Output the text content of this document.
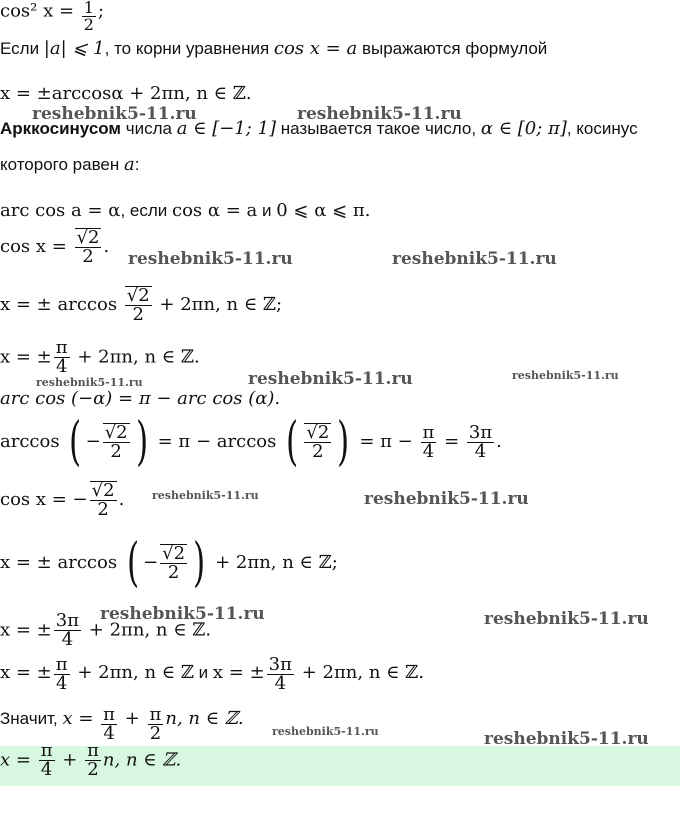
cos² $x = \frac{1}{2}$ ;
Если |a| ⩽ 1, то корни уравнения cos x = a выражаются формулой
x = ±arccosα + 2πn, n ∈ ℤ.
Арккосинусом числа a ∈ [−1; 1] называется такое число, α ∈ [0; π], косинус
которого равен a:
arc cos a = α, если cos α = a и 0 ⩽ α ⩽ π.
$\cos x = \frac{√2}{2}$ .
x = ± $\arccos \frac{√2}{2} + 2\pi n$, n ∈ ℤ;
x = ± $\frac{\pi}{4} + 2\pi n$, n ∈ ℤ.
arc cos (−α) = π − arc cos (α).
arccos ( − $\frac{√2}{2}$ ) = π − arccos ( $\frac{√2}{2}$ ) = $\pi - \frac{\pi}{4} = \frac{3\pi}{4}$ .
cos x = − $\frac{√2}{2}$ .
x = ± arccos ( − $\frac{√2}{2}$ ) + 2πn, n ∈ ℤ;
x = ± $\frac{3\pi}{4} + 2\pi n$, n ∈ ℤ.
x = ± $\frac{\pi}{4} + 2\pi n$, n ∈ ℤ и x = ± $\frac{3\pi}{4} + 2\pi n$, n ∈ ℤ.
Значит, $x = \frac{\pi}{4} + \frac{\pi}{2} n$, n ∈ ℤ.
$x = \frac{\pi}{4} + \frac{\pi}{2} n$, n ∈ ℤ.
reshebnik5-11.ru	reshebnik5-11.ru
reshebnik5-11.ru	reshebnik5-11.ru
reshebnik5-11.ru	reshebnik5-11.ru	reshebnik5-11.ru
reshebnik5-11.ru	reshebnik5-11.ru
reshebnik5-11.ru	reshebnik5-11.ru
reshebnik5-11.ru	reshebnik5-11.ru
